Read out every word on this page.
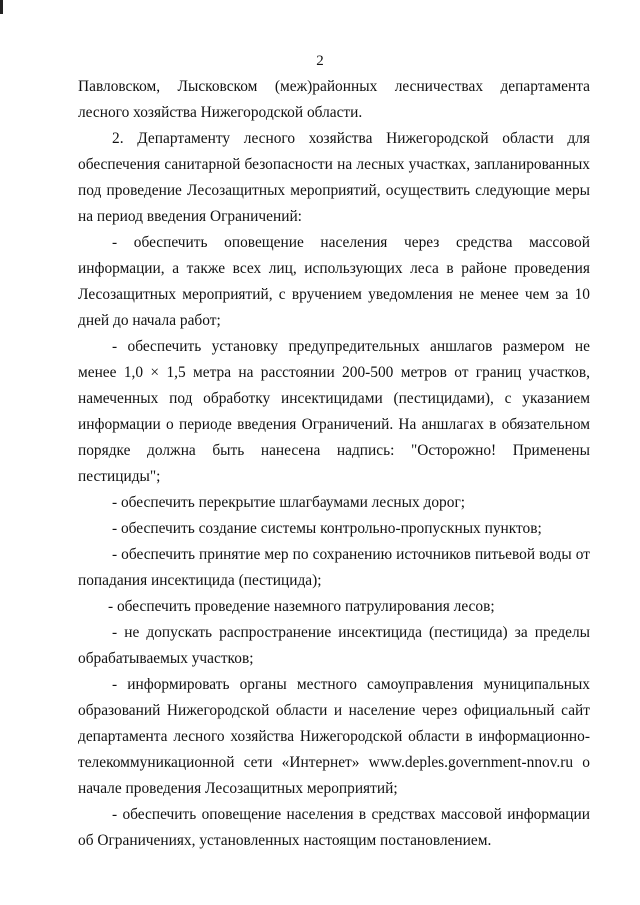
2
Павловском, Лысковском (меж)районных лесничествах департамента
лесного хозяйства Нижегородской области.
2. Департаменту лесного хозяйства Нижегородской области для
обеспечения санитарной безопасности на лесных участках, запланированных
под проведение Лесозащитных мероприятий, осуществить следующие меры
на период введения Ограничений:
- обеспечить оповещение населения через средства массовой
информации, а также всех лиц, использующих леса в районе проведения
Лесозащитных мероприятий, с вручением уведомления не менее чем за 10
дней до начала работ;
- обеспечить установку предупредительных аншлагов размером не
менее 1,0 × 1,5 метра на расстоянии 200-500 метров от границ участков,
намеченных под обработку инсектицидами (пестицидами), с указанием
информации о периоде введения Ограничений. На аншлагах в обязательном
порядке должна быть нанесена надпись: "Осторожно! Применены
пестициды";
- обеспечить перекрытие шлагбаумами лесных дорог;
- обеспечить создание системы контрольно-пропускных пунктов;
- обеспечить принятие мер по сохранению источников питьевой воды от
попадания инсектицида (пестицида);
- обеспечить проведение наземного патрулирования лесов;
- не допускать распространение инсектицида (пестицида) за пределы
обрабатываемых участков;
- информировать органы местного самоуправления муниципальных
образований Нижегородской области и население через официальный сайт
департамента лесного хозяйства Нижегородской области в информационно-
телекоммуникационной сети «Интернет» www.deples.government-nnov.ru о
начале проведения Лесозащитных мероприятий;
- обеспечить оповещение населения в средствах массовой информации
об Ограничениях, установленных настоящим постановлением.
